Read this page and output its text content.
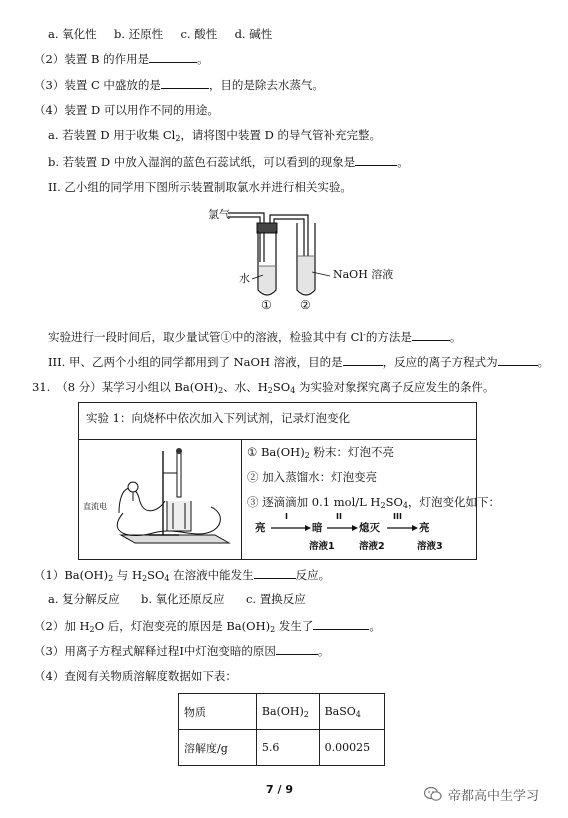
a. 氧化性 b. 还原性 c. 酸性 d. 碱性
（2）装置 B 的作用是	。
（3）装置 C 中盛放的是	，目的是除去水蒸气。
（4）装置 D 可以用作不同的用途。
a. 若装置 D 用于收集 $Cl_2$，请将图中装置 D 的导气管补充完整。
b. 若装置 D 中放入湿润的蓝色石蕊试纸，可以看到的现象是	。
II. 乙小组的同学用下图所示装置制取氯水并进行相关实验。
氯气
水	NaOH 溶液
① ②
实验进行一段时间后，取少量试管①中的溶液，检验其中有 Cl-的方法是	。
III. 甲、乙两个小组的同学都用到了 NaOH 溶液，目的是	，反应的离子方程式为	。
31. （8 分）某学习小组以 $Ba(OH)_2$、水、$H_2SO_4$ 为实验对象探究离子反应发生的条件。
实验 1：向烧杯中依次加入下列试剂，记录灯泡变化
直流电
① $Ba(OH)_2$ 粉末：灯泡不亮
② 加入蒸馏水：灯泡变亮
③ 逐滴滴加 0.1 mol/L $H_2SO_4$，灯泡变化如下：
亮	暗	熄灭	亮
I	II	III
溶液1	溶液2	溶液3
$(1)Ba(OH)_2$ 与 $H_2SO_4$ 在溶液中能发生	反应。
a. 复分解反应 b. 氧化还原反应 c. 置换反应
（2）加 $H_2O$ 后，灯泡变亮的原因是 $Ba(OH)_2$ 发生了	。
（3）用离子方程式解释过程I中灯泡变暗的原因	。
（4）查阅有关物质溶解度数据如下表：
物质	$Ba(OH)_2$	BaSO$_4$
溶解度/g	5.6	0.00025
7 / 9	帝都高中生学习
